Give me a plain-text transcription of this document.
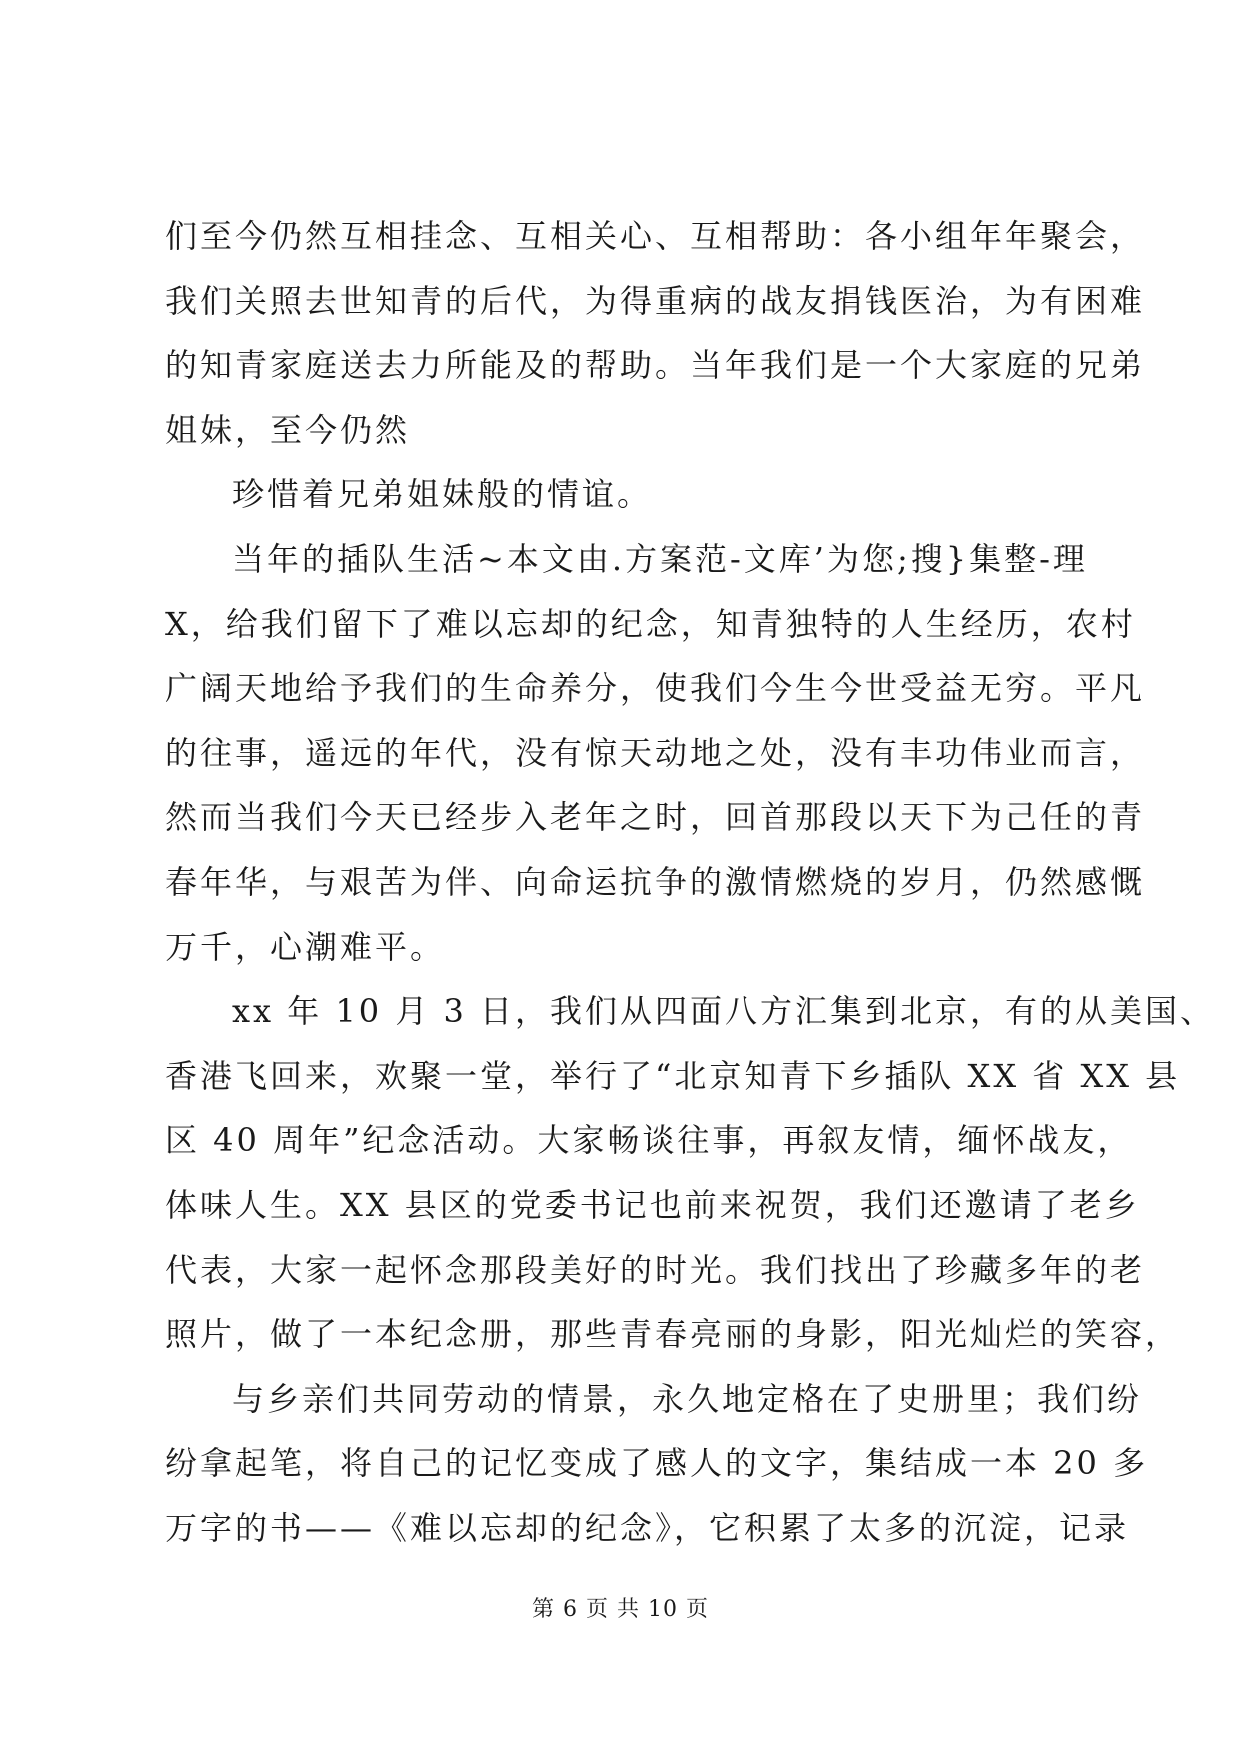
们至今仍然互相挂念、互相关心、互相帮助：各小组年年聚会，
我们关照去世知青的后代，为得重病的战友捐钱医治，为有困难
的知青家庭送去力所能及的帮助。当年我们是一个大家庭的兄弟
姐妹，至今仍然
珍惜着兄弟姐妹般的情谊。
当年的插队生活~本文由.方案范-文库’为您;搜}集整-理
X，给我们留下了难以忘却的纪念，知青独特的人生经历，农村
广阔天地给予我们的生命养分，使我们今生今世受益无穷。平凡
的往事，遥远的年代，没有惊天动地之处，没有丰功伟业而言，
然而当我们今天已经步入老年之时，回首那段以天下为己任的青
春年华，与艰苦为伴、向命运抗争的激情燃烧的岁月，仍然感慨
万千，心潮难平。
xx 年 10 月 3 日，我们从四面八方汇集到北京，有的从美国、
香港飞回来，欢聚一堂，举行了“北京知青下乡插队 XX 省 XX 县
区 40 周年”纪念活动。大家畅谈往事，再叙友情，缅怀战友，
体味人生。XX 县区的党委书记也前来祝贺，我们还邀请了老乡
代表，大家一起怀念那段美好的时光。我们找出了珍藏多年的老
照片，做了一本纪念册，那些青春亮丽的身影，阳光灿烂的笑容，
与乡亲们共同劳动的情景，永久地定格在了史册里；我们纷
纷拿起笔，将自己的记忆变成了感人的文字，集结成一本 20 多
万字的书——《难以忘却的纪念》，它积累了太多的沉淀，记录
第 6 页 共 10 页
